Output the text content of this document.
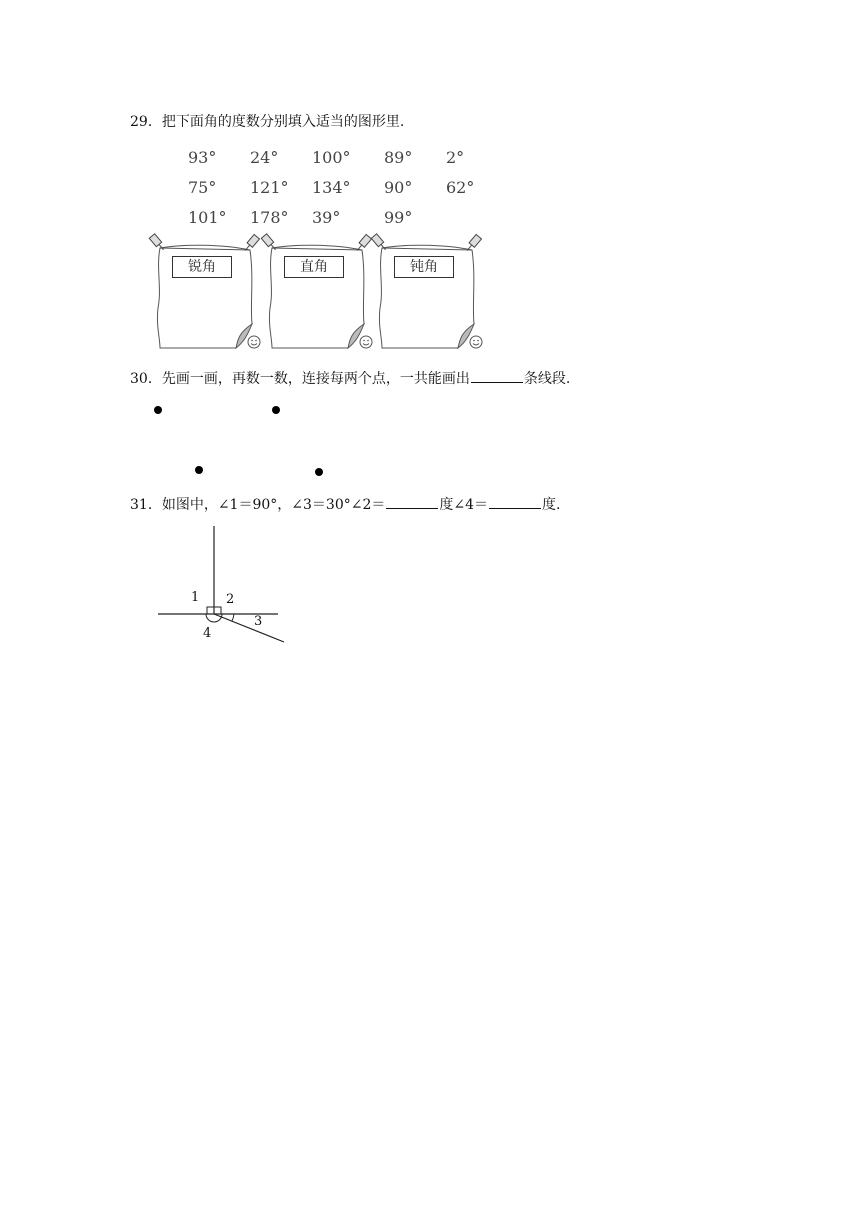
29．把下面角的度数分别填入适当的图形里.
93° 24° 100° 89° 2°
75° 121° 134° 90° 62°
101° 178° 39°	99°
锐角	直角	钝角
30．先画一画，再数一数，连接每两个点，一共能画出	条线段.
31．如图中，∠1＝90°，∠3＝30°∠2＝	度∠4＝	度.
1 2
3
4
